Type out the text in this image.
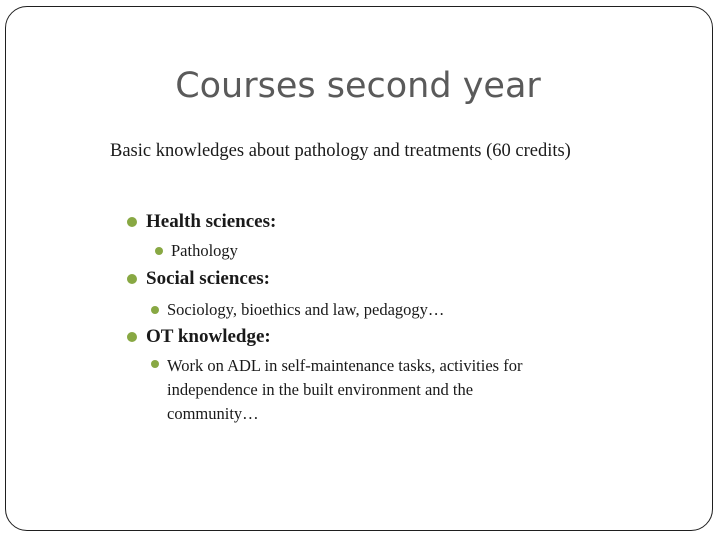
Courses second year
Basic knowledges about pathology and treatments (60 credits)
Health sciences:
Pathology
Social sciences:
Sociology, bioethics and law, pedagogy…
OT knowledge:
Work on ADL in self-maintenance tasks, activities for independence in the built environment and the community…
